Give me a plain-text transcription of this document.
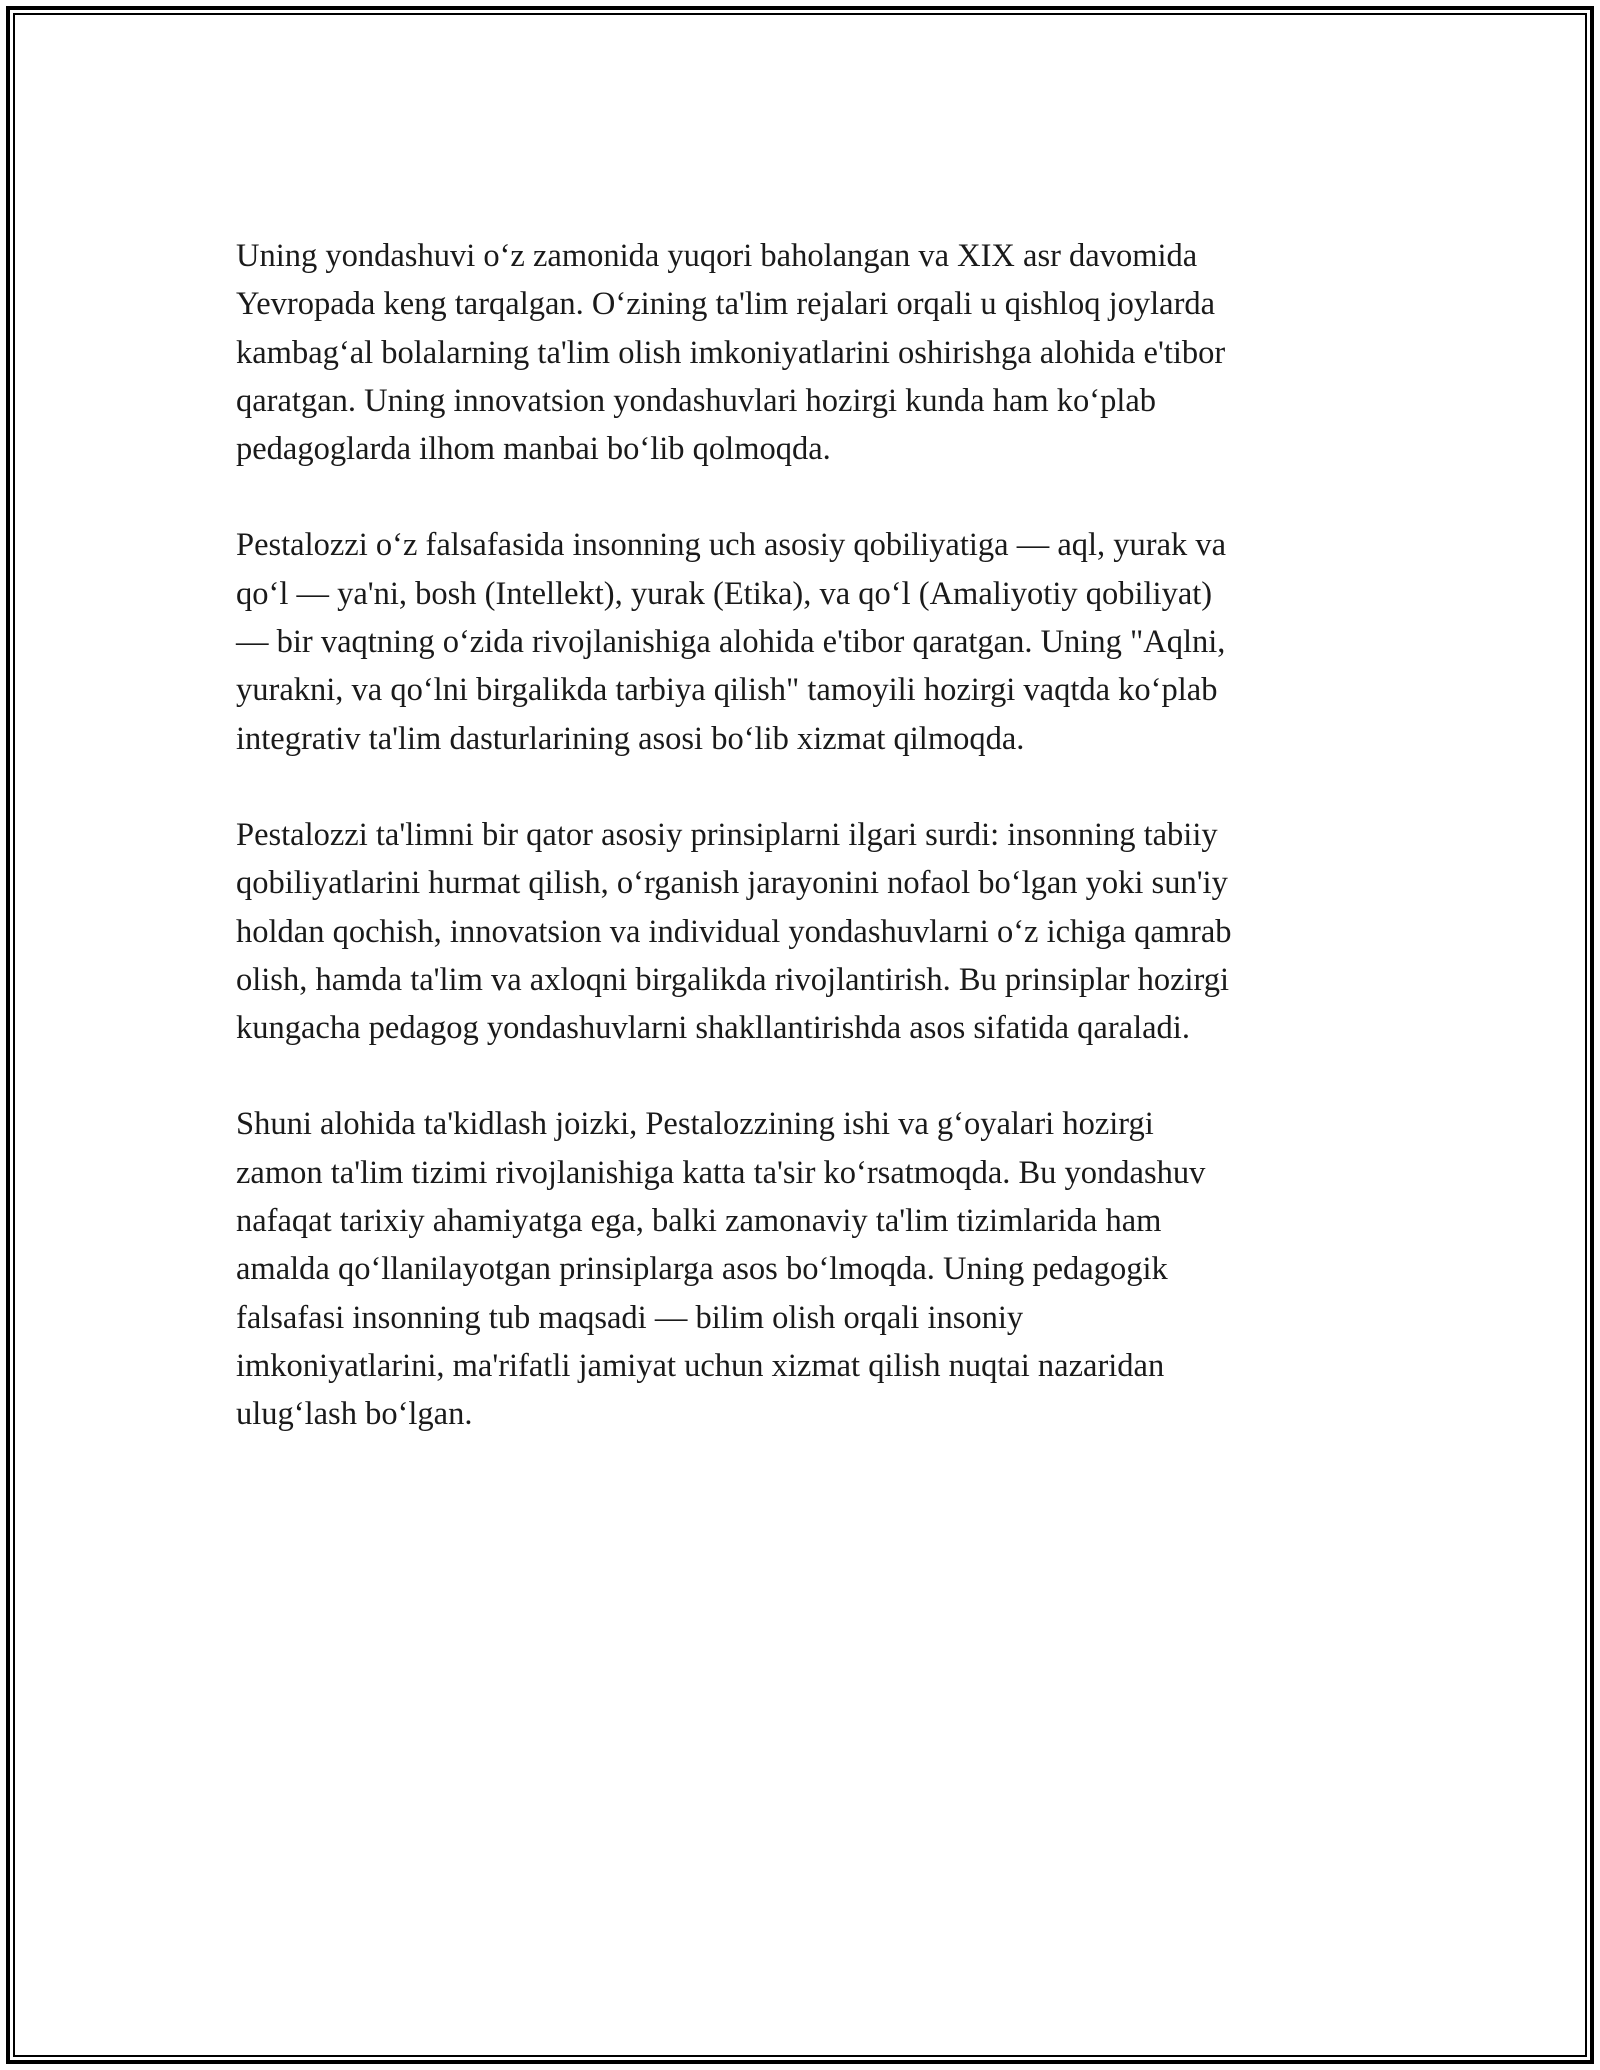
Uning yondashuvi o‘z zamonida yuqori baholangan va XIX asr davomida
Yevropada keng tarqalgan. O‘zining ta'lim rejalari orqali u qishloq joylarda
kambag‘al bolalarning ta'lim olish imkoniyatlarini oshirishga alohida e'tibor
qaratgan. Uning innovatsion yondashuvlari hozirgi kunda ham ko‘plab
pedagoglarda ilhom manbai bo‘lib qolmoqda.

Pestalozzi o‘z falsafasida insonning uch asosiy qobiliyatiga — aql, yurak va
qo‘l — ya'ni, bosh (Intellekt), yurak (Etika), va qo‘l (Amaliyotiy qobiliyat)
— bir vaqtning o‘zida rivojlanishiga alohida e'tibor qaratgan. Uning "Aqlni,
yurakni, va qo‘lni birgalikda tarbiya qilish" tamoyili hozirgi vaqtda ko‘plab
integrativ ta'lim dasturlarining asosi bo‘lib xizmat qilmoqda.

Pestalozzi ta'limni bir qator asosiy prinsiplarni ilgari surdi: insonning tabiiy
qobiliyatlarini hurmat qilish, o‘rganish jarayonini nofaol bo‘lgan yoki sun'iy
holdan qochish, innovatsion va individual yondashuvlarni o‘z ichiga qamrab
olish, hamda ta'lim va axloqni birgalikda rivojlantirish. Bu prinsiplar hozirgi
kungacha pedagog yondashuvlarni shakllantirishda asos sifatida qaraladi.

Shuni alohida ta'kidlash joizki, Pestalozzining ishi va g‘oyalari hozirgi
zamon ta'lim tizimi rivojlanishiga katta ta'sir ko‘rsatmoqda. Bu yondashuv
nafaqat tarixiy ahamiyatga ega, balki zamonaviy ta'lim tizimlarida ham
amalda qo‘llanilayotgan prinsiplarga asos bo‘lmoqda. Uning pedagogik
falsafasi insonning tub maqsadi — bilim olish orqali insoniy
imkoniyatlarini, ma'rifatli jamiyat uchun xizmat qilish nuqtai nazaridan
ulug‘lash bo‘lgan.
